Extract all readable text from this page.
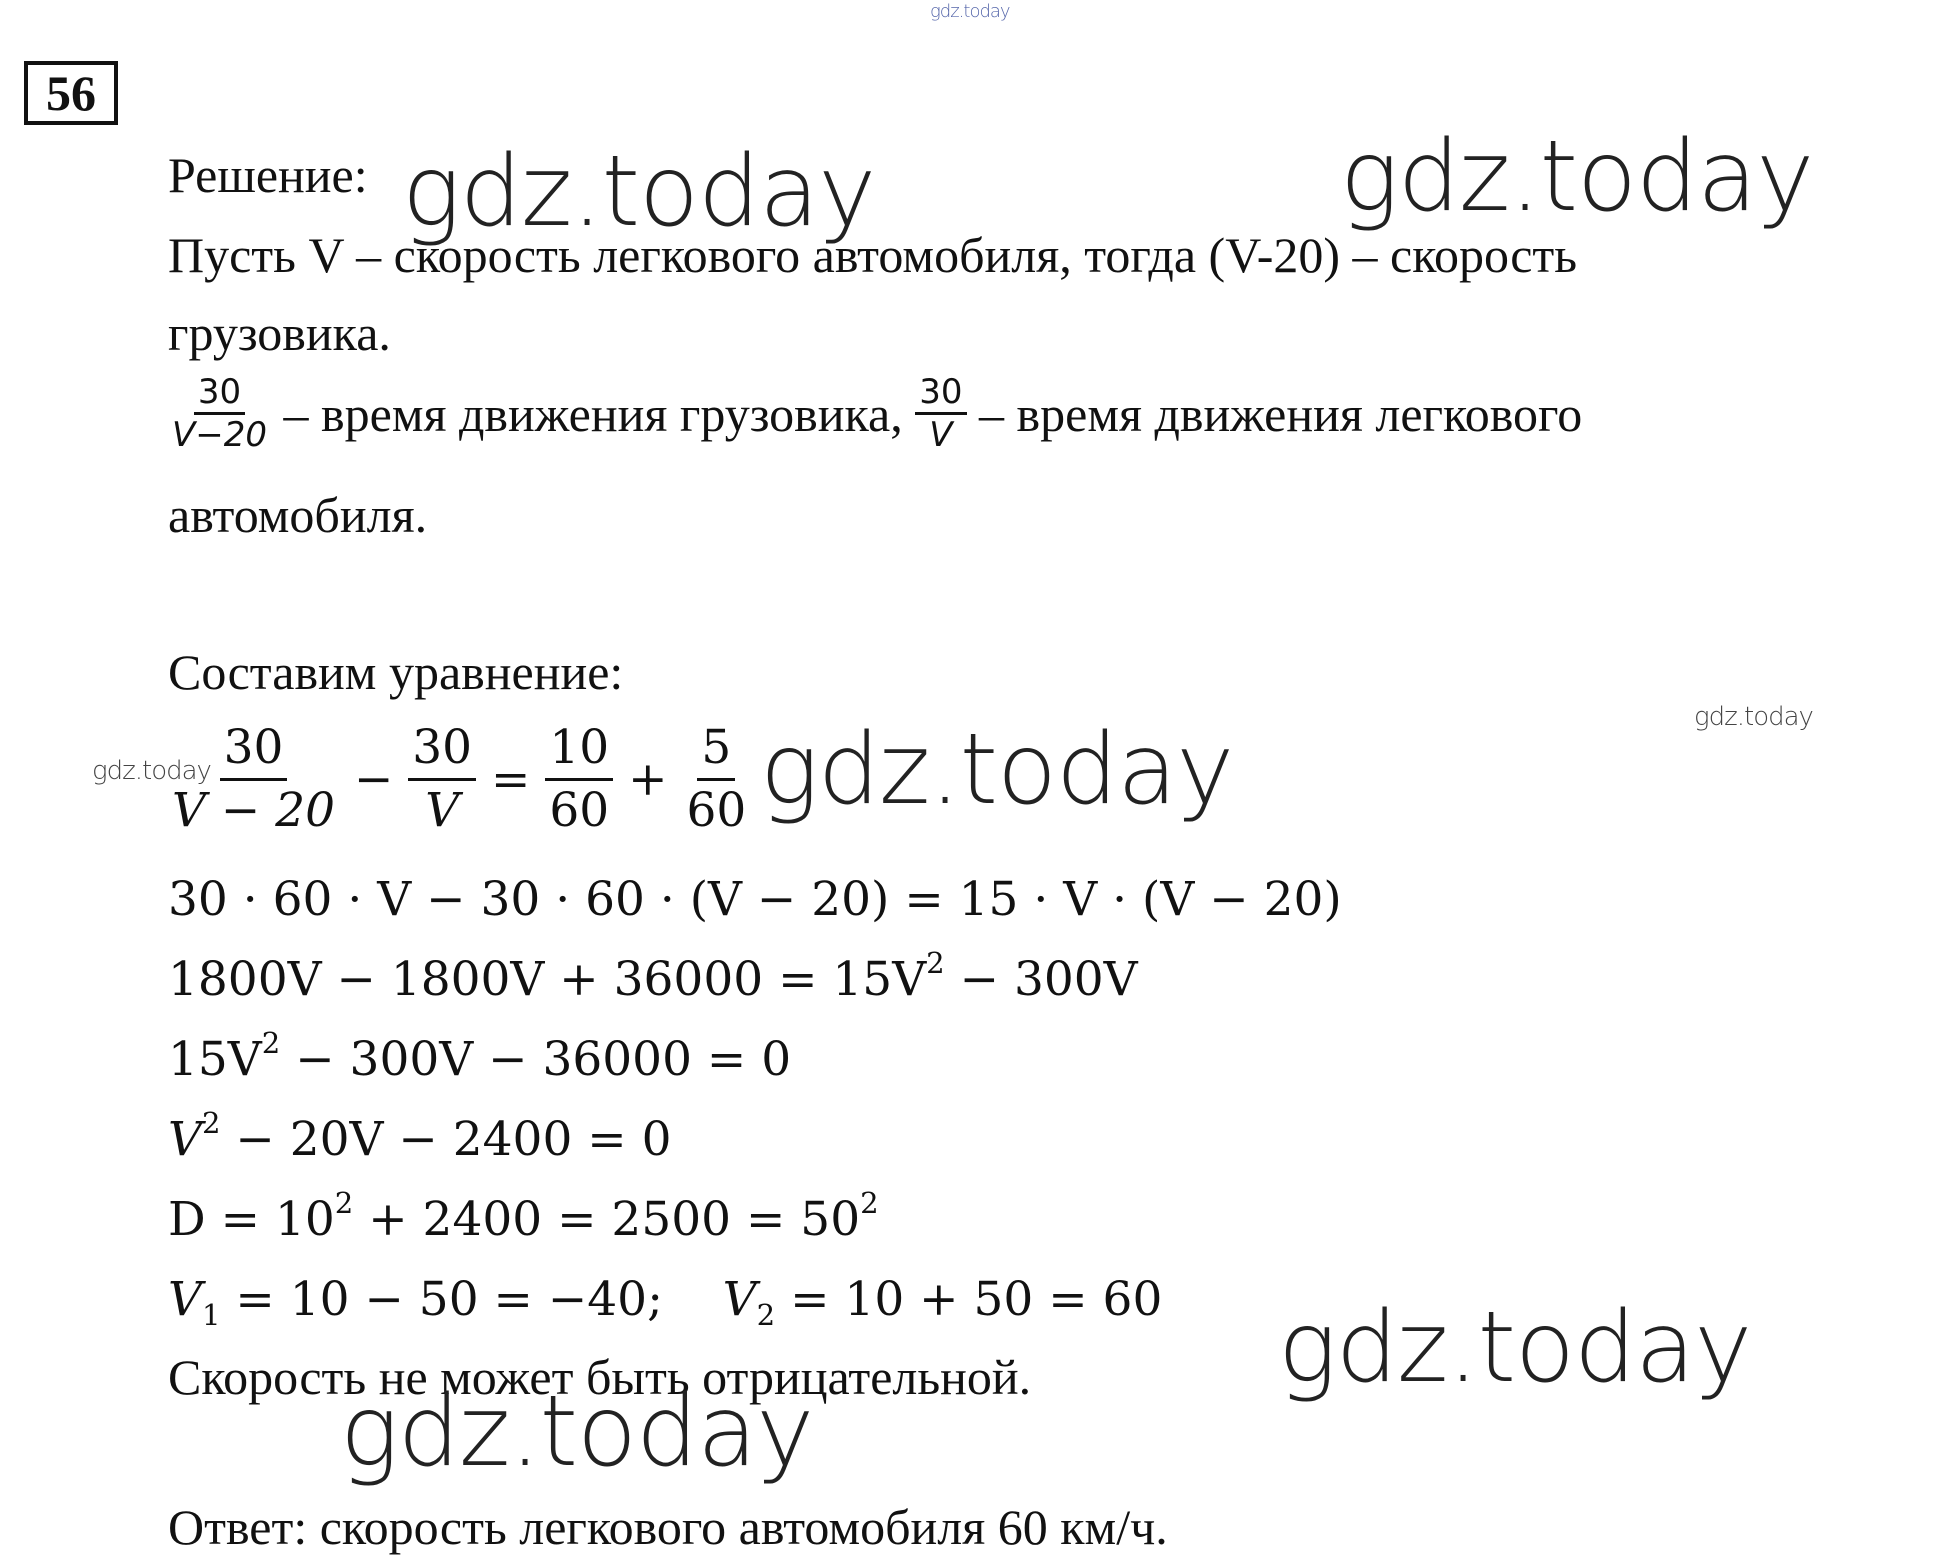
gdz.today
56
Решение:
Пусть V – скорость легкового автомобиля, тогда (V-20) – скорость
грузовика.
$\frac{30}{V-20}$ – время движения грузовика, $\frac{30}{V}$ – время движения легкового
автомобиля.
Составим уравнение:
$\frac{30}{V - 20} - \frac{30}{V} = \frac{10}{60} + \frac{5}{60}$
30 · 60 · V − 30 · 60 · (V − 20) = 15 · V · (V − 20)
$1800V - 1800V + 36000 = 15V^2 - 300V$
$15V^2 - 300V - 36000 = 0$
$V^2 - 20V - 2400 = 0$
$D = 10^2 + 2400 = 2500 = 50^2$
$V_1 = 10 - 50 = -40$;    $V_2 = 10 + 50 = 60$
Скорость не может быть отрицательной.
Ответ: скорость легкового автомобиля 60 км/ч.
gdz.today	gdz.today
gdz.today
gdz.today
gdz.today
gdz.today
gdz.today
